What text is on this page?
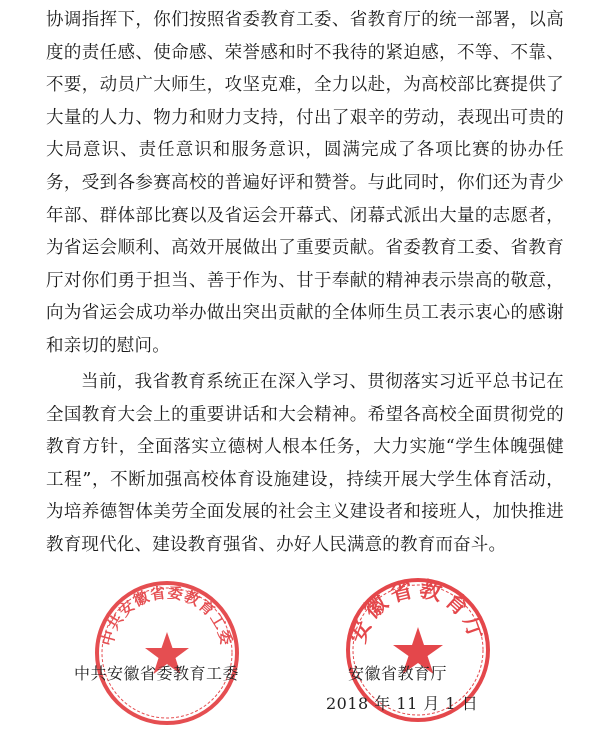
协调指挥下，你们按照省委教育工委、省教育厅的统一部署，以高度的责任感、使命感、荣誉感和时不我待的紧迫感，不等、不靠、不要，动员广大师生，攻坚克难，全力以赴，为高校部比赛提供了大量的人力、物力和财力支持，付出了艰辛的劳动，表现出可贵的大局意识、责任意识和服务意识，圆满完成了各项比赛的协办任务，受到各参赛高校的普遍好评和赞誉。与此同时，你们还为青少年部、群体部比赛以及省运会开幕式、闭幕式派出大量的志愿者，为省运会顺利、高效开展做出了重要贡献。省委教育工委、省教育厅对你们勇于担当、善于作为、甘于奉献的精神表示崇高的敬意，向为省运会成功举办做出突出贡献的全体师生员工表示衷心的感谢和亲切的慰问。

当前，我省教育系统正在深入学习、贯彻落实习近平总书记在全国教育大会上的重要讲话和大会精神。希望各高校全面贯彻党的教育方针，全面落实立德树人根本任务，大力实施“学生体魄强健工程”，不断加强高校体育设施建设，持续开展大学生体育活动，为培养德智体美劳全面发展的社会主义建设者和接班人，加快推进教育现代化、建设教育强省、办好人民满意的教育而奋斗。

中共安徽省委教育工委	安徽省教育厅
中共安徽省委教育工委	安徽省教育厅
2018 年 11 月 1 日
